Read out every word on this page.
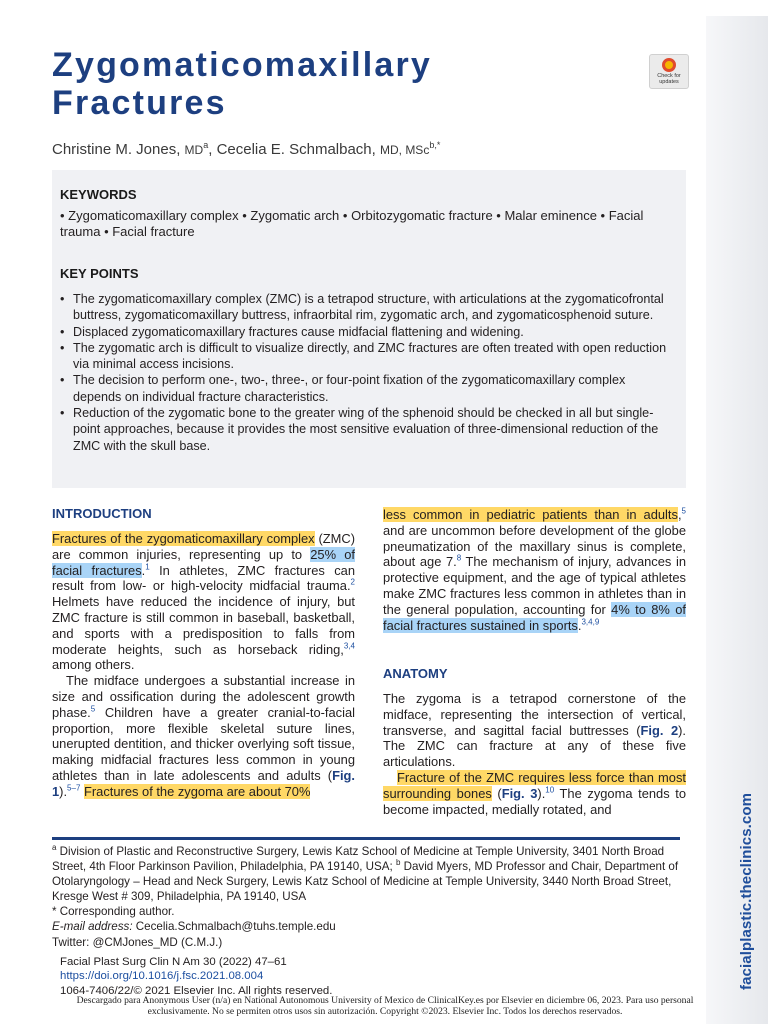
facialplastic.theclinics.com
Zygomaticomaxillary Fractures
Check for
updates
Christine M. Jones, $MD^a$, Cecelia E. Schmalbach, MD, MSc$^{b,*}$
KEYWORDS
• Zygomaticomaxillary complex • Zygomatic arch • Orbitozygomatic fracture • Malar eminence • Facial trauma • Facial fracture
KEY POINTS
• The zygomaticomaxillary complex (ZMC) is a tetrapod structure, with articulations at the zygomaticofrontal buttress, zygomaticomaxillary buttress, infraorbital rim, zygomatic arch, and zygomaticosphenoid suture.
• Displaced zygomaticomaxillary fractures cause midfacial flattening and widening.
• The zygomatic arch is difficult to visualize directly, and ZMC fractures are often treated with open reduction via minimal access incisions.
• The decision to perform one-, two-, three-, or four-point fixation of the zygomaticomaxillary complex depends on individual fracture characteristics.
• Reduction of the zygomatic bone to the greater wing of the sphenoid should be checked in all but single-point approaches, because it provides the most sensitive evaluation of three-dimensional reduction of the ZMC with the skull base.
INTRODUCTION

Fractures of the zygomaticomaxillary complex (ZMC) are common injuries, representing up to 25% of facial fractures.$^1$ In athletes, ZMC fractures can result from low- or high-velocity midfacial trauma.$^2$ Helmets have reduced the incidence of injury, but ZMC fracture is still common in baseball, basketball, and sports with a predisposition to falls from moderate heights, such as horseback riding,$^{3,4}$ among others.

The midface undergoes a substantial increase in size and ossification during the adolescent growth phase.$^5$ Children have a greater cranial-to-facial proportion, more flexible skeletal suture lines, unerupted dentition, and thicker overlying soft tissue, making midfacial fractures less common in young athletes than in late adolescents and adults (Fig. 1).$^{5-7}$ Fractures of the zygoma are about 70%

less common in pediatric patients than in adults,$^5$ and are uncommon before development of the globe pneumatization of the maxillary sinus is complete, about age 7.$^8$ The mechanism of injury, advances in protective equipment, and the age of typical athletes make ZMC fractures less common in athletes than in the general population, accounting for 4% to 8% of facial fractures sustained in sports.$^{3,4,9}$

ANATOMY

The zygoma is a tetrapod cornerstone of the midface, representing the intersection of vertical, transverse, and sagittal facial buttresses (Fig. 2). The ZMC can fracture at any of these five articulations.

Fracture of the ZMC requires less force than most surrounding bones (Fig. 3).$^{10}$ The zygoma tends to become impacted, medially rotated, and

$^a$ Division of Plastic and Reconstructive Surgery, Lewis Katz School of Medicine at Temple University, 3401 North Broad Street, 4th Floor Parkinson Pavilion, Philadelphia, PA 19140, USA; $^b$ David Myers, MD Professor and Chair, Department of Otolaryngology – Head and Neck Surgery, Lewis Katz School of Medicine at Temple University, 3440 North Broad Street, Kresge West # 309, Philadelphia, PA 19140, USA

* Corresponding author.

E-mail address: Cecelia.Schmalbach@tuhs.temple.edu

Twitter: @CMJones_MD (C.M.J.)

Facial Plast Surg Clin N Am 30 (2022) 47–61
https://doi.org/10.1016/j.fsc.2021.08.004
1064-7406/22/© 2021 Elsevier Inc. All rights reserved.
Descargado para Anonymous User (n/a) en National Autonomous University of Mexico de ClinicalKey.es por Elsevier en diciembre 06, 2023. Para uso personal exclusivamente. No se permiten otros usos sin autorización. Copyright ©2023. Elsevier Inc. Todos los derechos reservados.
